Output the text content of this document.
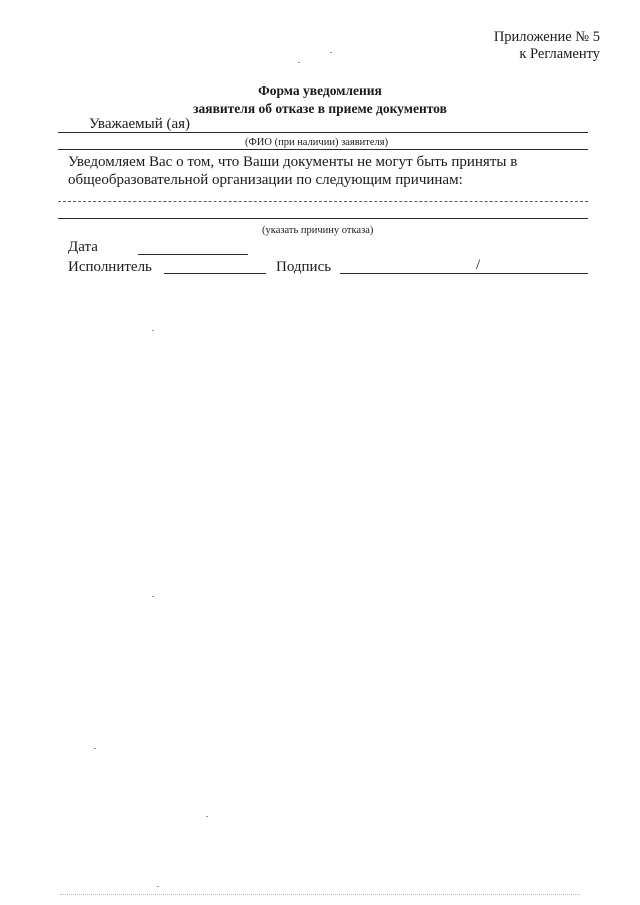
Приложение № 5
к Регламенту
Форма уведомления
заявителя об отказе в приеме документов
Уважаемый (ая)
(ФИО (при наличии) заявителя)
Уведомляем Вас о том, что Ваши документы не могут быть приняты в
общеобразовательной организации по следующим причинам:
(указать причину отказа)
Дата
Исполнитель	Подпись	/
